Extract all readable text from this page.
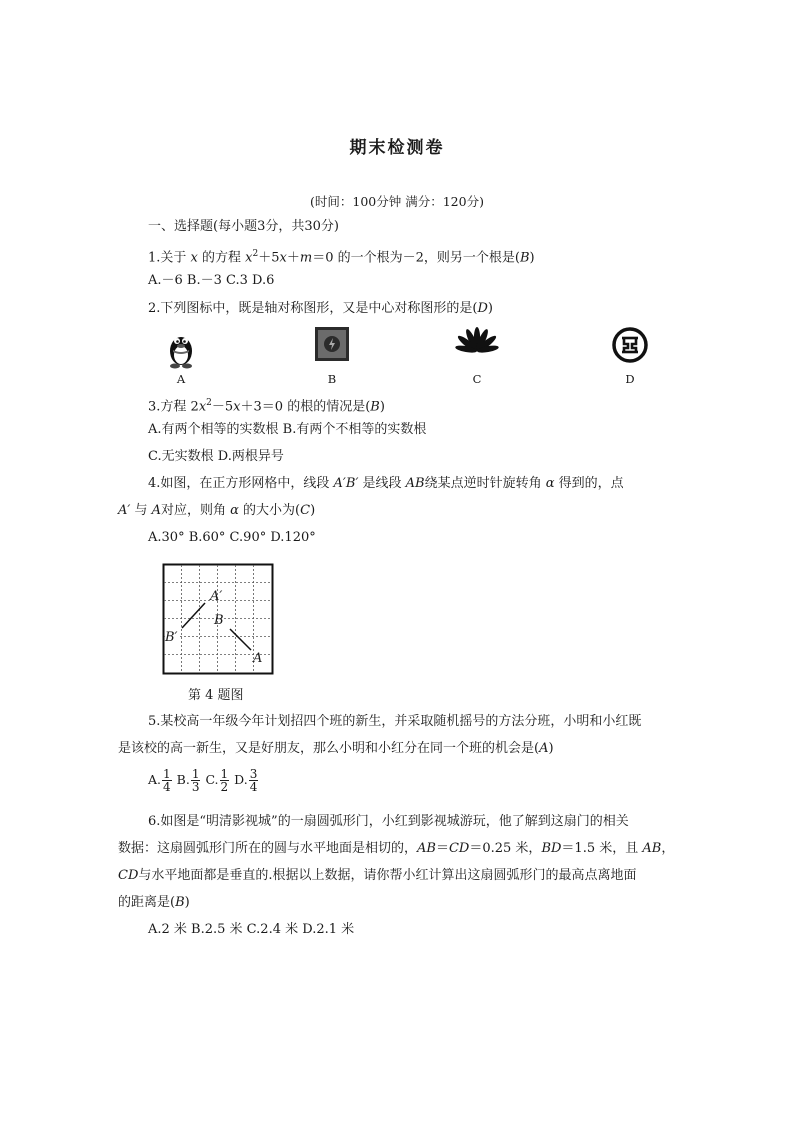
期末检测卷
(时间：100分钟 满分：120分)
一、选择题(每小题3分，共30分)
1.关于 x 的方程 $x^2+5x+m=0$ 的一个根为－2，则另一个根是(B)
A.－6 B.－3 C.3 D.6
2.下列图标中，既是轴对称图形，又是中心对称图形的是(D)
A	B	C	D
3.方程 $2x^2-5x+3=0$ 的根的情况是(B)
A.有两个相等的实数根 B.有两个不相等的实数根
C.无实数根 D.两根异号
4.如图，在正方形网格中，线段 A′B′ 是线段 AB绕某点逆时针旋转角 α 得到的，点
A′ 与 A对应，则角 α 的大小为(C)
A.30° B.60° C.90° D.120°
A′
B
B′
A
第 4 题图
5.某校高一年级今年计划招四个班的新生，并采取随机摇号的方法分班，小明和小红既
是该校的高一新生，又是好朋友，那么小明和小红分在同一个班的机会是(A)
A. $\frac{1}{4} B$. $\frac{1}{3} C$. $\frac{1}{2} D$. $\frac{3}{4}$
6.如图是“明清影视城”的一扇圆弧形门，小红到影视城游玩，他了解到这扇门的相关
数据：这扇圆弧形门所在的圆与水平地面是相切的，AB＝CD＝0.25 米，BD＝1.5 米，且 AB，
CD与水平地面都是垂直的.根据以上数据，请你帮小红计算出这扇圆弧形门的最高点离地面
的距离是(B)
A.2 米 B.2.5 米 C.2.4 米 D.2.1 米
